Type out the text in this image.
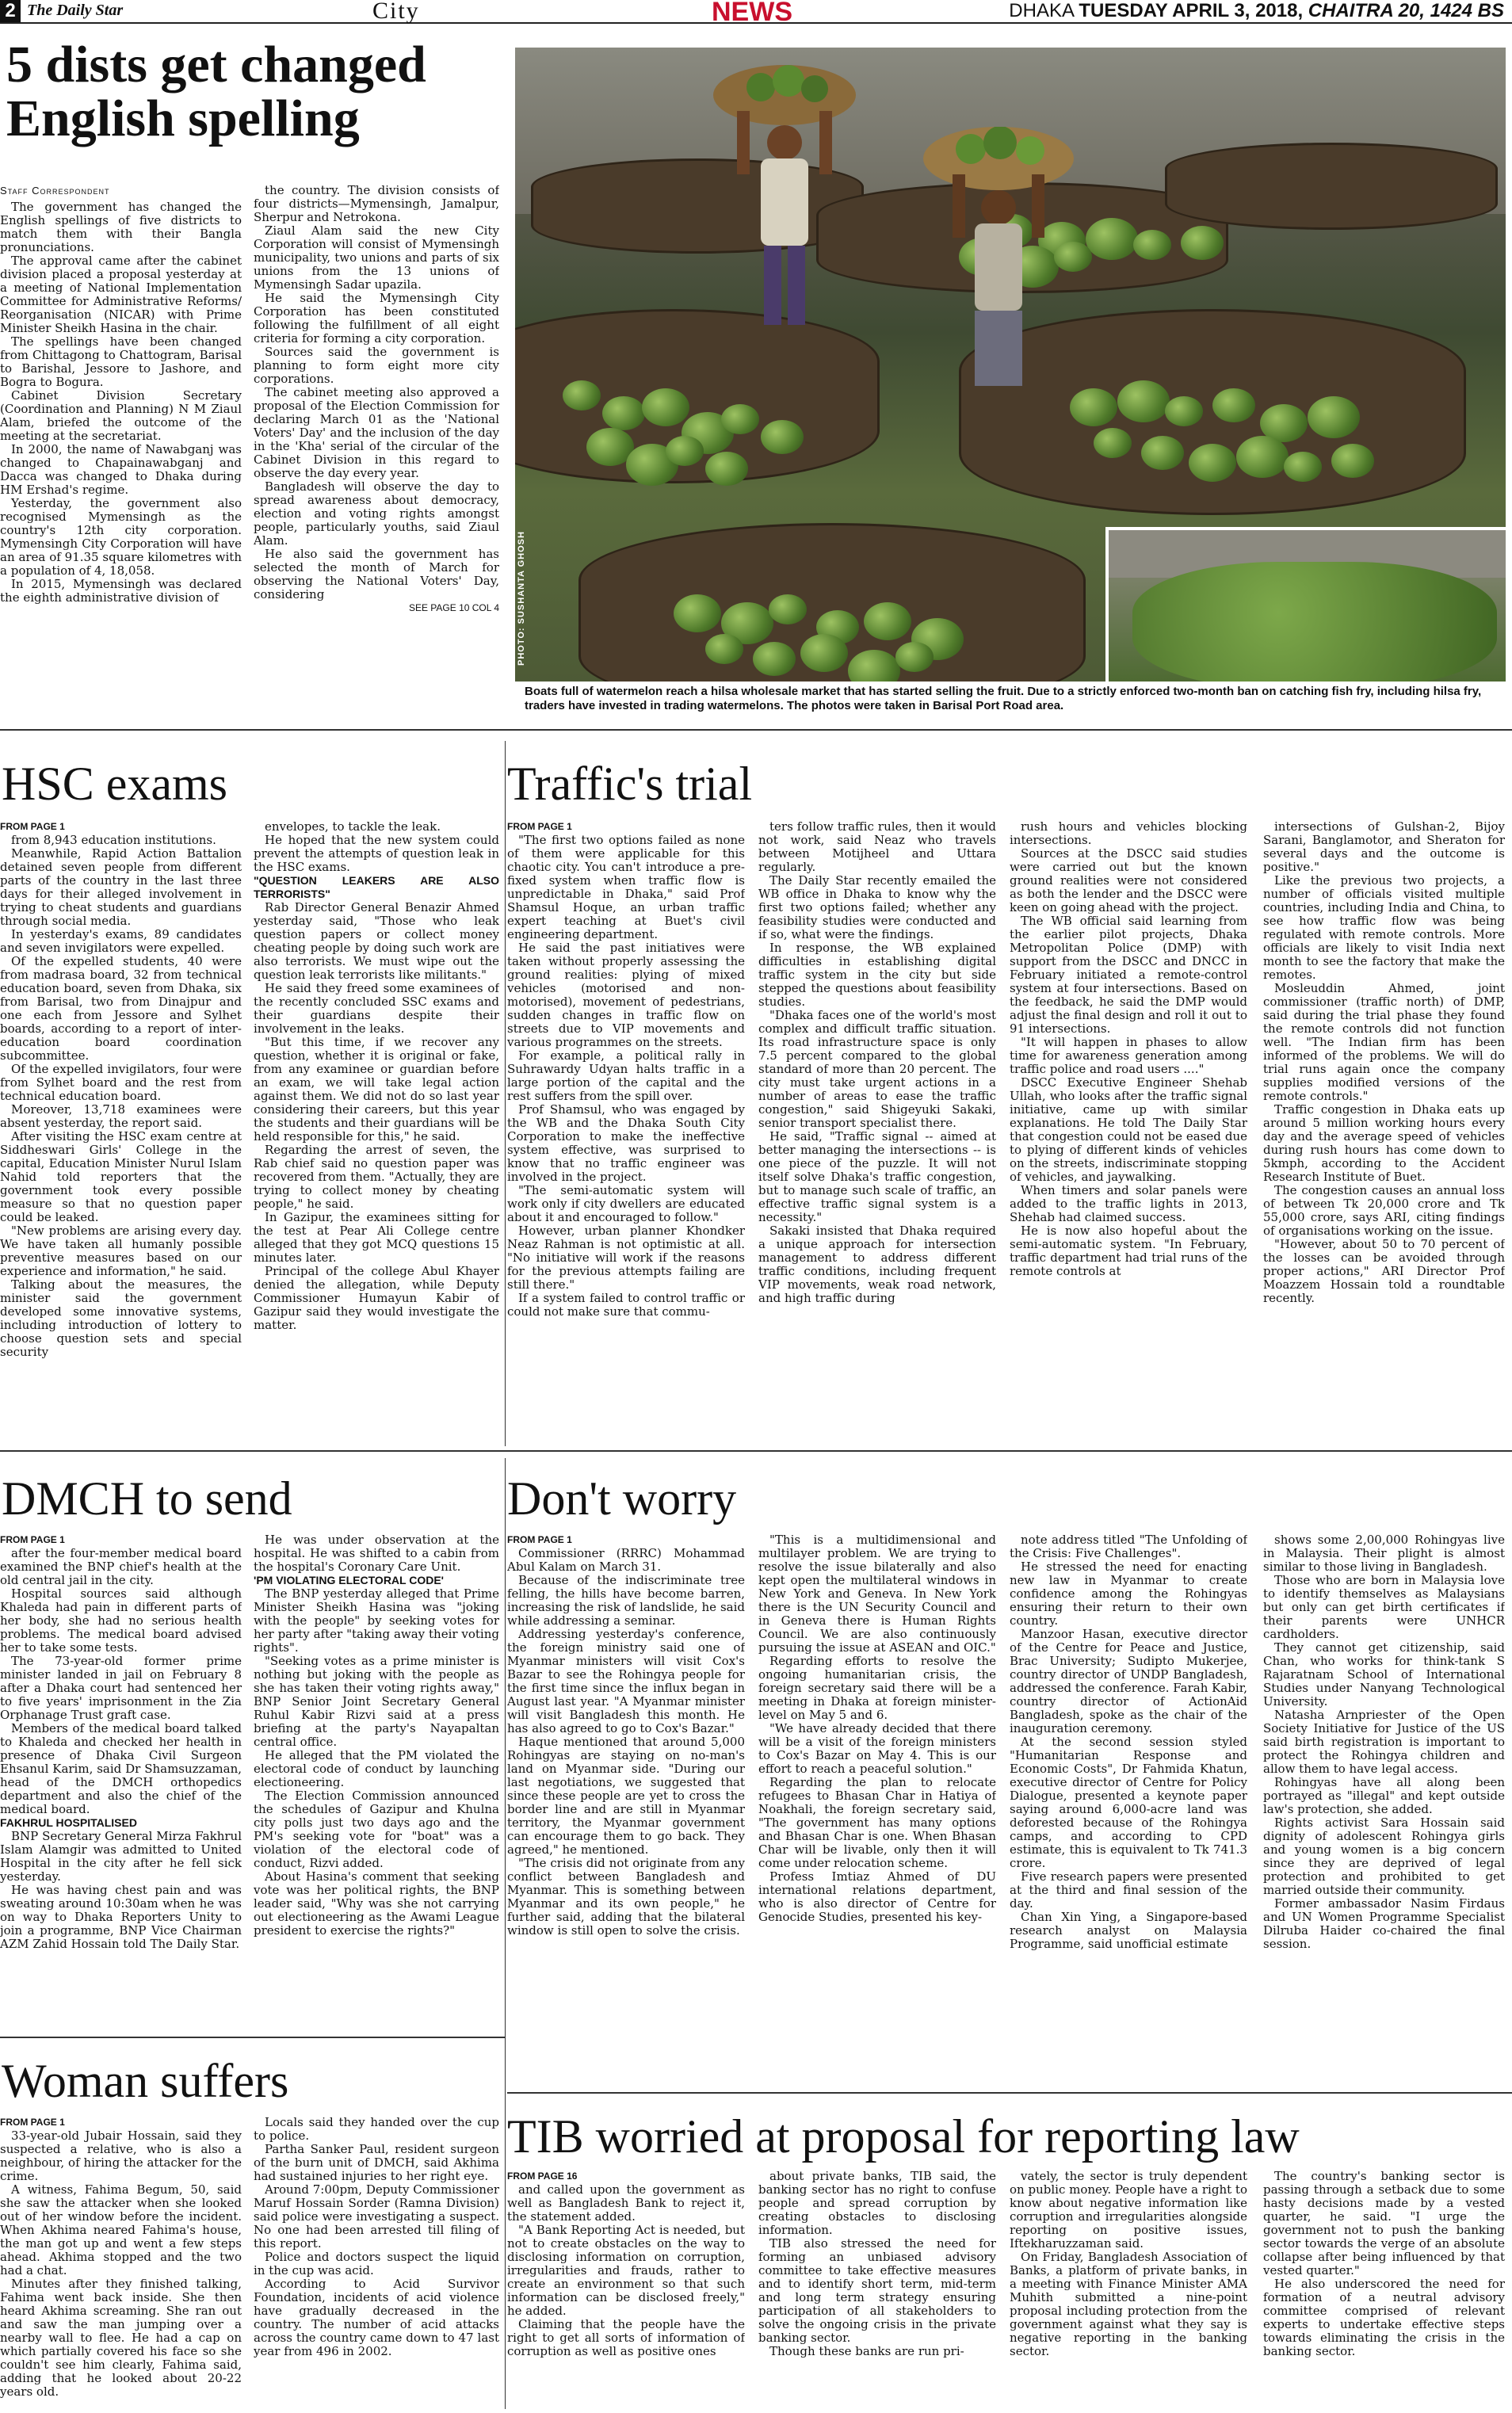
2 The Daily Star	City	NEWS	DHAKA TUESDAY APRIL 3, 2018, CHAITRA 20, 1424 BS
5 dists get changed English spelling

Staff Correspondent

The government has changed the English spellings of five districts to match them with their Bangla pronunciations.

The approval came after the cabinet division placed a proposal yesterday at a meeting of National Implementation Committee for Administrative Reforms/ Reorganisation (NICAR) with Prime Minister Sheikh Hasina in the chair.

The spellings have been changed from Chittagong to Chattogram, Barisal to Barishal, Jessore to Jashore, and Bogra to Bogura.

Cabinet Division Secretary (Coordination and Planning) N M Ziaul Alam, briefed the outcome of the meeting at the secretariat.

In 2000, the name of Nawabganj was changed to Chapainawabganj and Dacca was changed to Dhaka during HM Ershad's regime.

Yesterday, the government also recognised Mymensingh as the country's 12th city corporation. Mymensingh City Corporation will have an area of 91.35 square kilometres with a population of 4, 18,058.

In 2015, Mymensingh was declared the eighth administrative division of

the country. The division consists of four districts—Mymensingh, Jamalpur, Sherpur and Netrokona.

Ziaul Alam said the new City Corporation will consist of Mymensingh municipality, two unions and parts of six unions from the 13 unions of Mymensingh Sadar upazila.

He said the Mymensingh City Corporation has been constituted following the fulfillment of all eight criteria for forming a city corporation.

Sources said the government is planning to form eight more city corporations.

The cabinet meeting also approved a proposal of the Election Commission for declaring March 01 as the 'National Voters' Day' and the inclusion of the day in the 'Kha' serial of the circular of the Cabinet Division in this regard to observe the day every year.

Bangladesh will observe the day to spread awareness about democracy, election and voting rights amongst people, particularly youths, said Ziaul Alam.

He also said the government has selected the month of March for observing the National Voters' Day, considering

SEE PAGE 10 COL 4 PHOTO: SUSHANTA GHOSH
Boats full of watermelon reach a hilsa wholesale market that has started selling the fruit. Due to a strictly enforced two-month ban on catching fish fry, including hilsa fry, traders have invested in trading watermelons. The photos were taken in Barisal Port Road area.
HSC exams

FROM PAGE 1

from 8,943 education institutions.

Meanwhile, Rapid Action Battalion detained seven people from different parts of the country in the last three days for their alleged involvement in trying to cheat students and guardians through social media.

In yesterday's exams, 89 candidates and seven invigilators were expelled.

Of the expelled students, 40 were from madrasa board, 32 from technical education board, seven from Dhaka, six from Barisal, two from Dinajpur and one each from Jessore and Sylhet boards, according to a report of inter-education board coordination subcommittee.

Of the expelled invigilators, four were from Sylhet board and the rest from technical education board.

Moreover, 13,718 examinees were absent yesterday, the report said.

After visiting the HSC exam centre at Siddheswari Girls' College in the capital, Education Minister Nurul Islam Nahid told reporters that the government took every possible measure so that no question paper could be leaked.

"New problems are arising every day. We have taken all humanly possible preventive measures based on our experience and information," he said.

Talking about the measures, the minister said the government developed some innovative systems, including introduction of lottery to choose question sets and special security

envelopes, to tackle the leak.

He hoped that the new system could prevent the attempts of question leak in the HSC exams.

"QUESTION LEAKERS ARE ALSO TERRORISTS"

Rab Director General Benazir Ahmed yesterday said, "Those who leak question papers or collect money cheating people by doing such work are also terrorists. We must wipe out the question leak terrorists like militants."

He said they freed some examinees of the recently concluded SSC exams and their guardians despite their involvement in the leaks.

"But this time, if we recover any question, whether it is original or fake, from any examinee or guardian before an exam, we will take legal action against them. We did not do so last year considering their careers, but this year the students and their guardians will be held responsible for this," he said.

Regarding the arrest of seven, the Rab chief said no question paper was recovered from them. "Actually, they are trying to collect money by cheating people," he said.

In Gazipur, the examinees sitting for the test at Pear Ali College centre alleged that they got MCQ questions 15 minutes later.

Principal of the college Abul Khayer denied the allegation, while Deputy Commissioner Humayun Kabir of Gazipur said they would investigate the matter.

Traffic's trial

FROM PAGE 1

"The first two options failed as none of them were applicable for this chaotic city. You can't introduce a pre-fixed system when traffic flow is unpredictable in Dhaka," said Prof Shamsul Hoque, an urban traffic expert teaching at Buet's civil engineering department.

He said the past initiatives were taken without properly assessing the ground realities: plying of mixed vehicles (motorised and non-motorised), movement of pedestrians, sudden changes in traffic flow on streets due to VIP movements and various programmes on the streets.

For example, a political rally in Suhrawardy Udyan halts traffic in a large portion of the capital and the rest suffers from the spill over.

Prof Shamsul, who was engaged by the WB and the Dhaka South City Corporation to make the ineffective system effective, was surprised to know that no traffic engineer was involved in the project.

"The semi-automatic system will work only if city dwellers are educated about it and encouraged to follow."

However, urban planner Khondker Neaz Rahman is not optimistic at all. "No initiative will work if the reasons for the previous attempts failing are still there."

If a system failed to control traffic or could not make sure that commu-

ters follow traffic rules, then it would not work, said Neaz who travels between Motijheel and Uttara regularly.

The Daily Star recently emailed the WB office in Dhaka to know why the first two options failed; whether any feasibility studies were conducted and if so, what were the findings.

In response, the WB explained difficulties in establishing digital traffic system in the city but side stepped the questions about feasibility studies.

"Dhaka faces one of the world's most complex and difficult traffic situation. Its road infrastructure space is only 7.5 percent compared to the global standard of more than 20 percent. The city must take urgent actions in a number of areas to ease the traffic congestion," said Shigeyuki Sakaki, senior transport specialist there.

He said, "Traffic signal -- aimed at better managing the intersections -- is one piece of the puzzle. It will not itself solve Dhaka's traffic congestion, but to manage such scale of traffic, an effective traffic signal system is a necessity."

Sakaki insisted that Dhaka required a unique approach for intersection management to address different traffic conditions, including frequent VIP movements, weak road network, and high traffic during

rush hours and vehicles blocking intersections.

Sources at the DSCC said studies were carried out but the known ground realities were not considered as both the lender and the DSCC were keen on going ahead with the project.

The WB official said learning from the earlier pilot projects, Dhaka Metropolitan Police (DMP) with support from the DSCC and DNCC in February initiated a remote-control system at four intersections. Based on the feedback, he said the DMP would adjust the final design and roll it out to 91 intersections.

"It will happen in phases to allow time for awareness generation among traffic police and road users ...."

DSCC Executive Engineer Shehab Ullah, who looks after the traffic signal initiative, came up with similar explanations. He told The Daily Star that congestion could not be eased due to plying of different kinds of vehicles on the streets, indiscriminate stopping of vehicles, and jaywalking.

When timers and solar panels were added to the traffic lights in 2013, Shehab had claimed success.

He is now also hopeful about the semi-automatic system. "In February, traffic department had trial runs of the remote controls at

intersections of Gulshan-2, Bijoy Sarani, Banglamotor, and Sheraton for several days and the outcome is positive."

Like the previous two projects, a number of officials visited multiple countries, including India and China, to see how traffic flow was being regulated with remote controls. More officials are likely to visit India next month to see the factory that make the remotes.

Mosleuddin Ahmed, joint commissioner (traffic north) of DMP, said during the trial phase they found the remote controls did not function well. "The Indian firm has been informed of the problems. We will do trial runs again once the company supplies modified versions of the remote controls."

Traffic congestion in Dhaka eats up around 5 million working hours every day and the average speed of vehicles during rush hours has come down to 5kmph, according to the Accident Research Institute of Buet.

The congestion causes an annual loss of between Tk 20,000 crore and Tk 55,000 crore, says ARI, citing findings of organisations working on the issue.

"However, about 50 to 70 percent of the losses can be avoided through proper actions," ARI Director Prof Moazzem Hossain told a roundtable recently.

DMCH to send

FROM PAGE 1

after the four-member medical board examined the BNP chief's health at the old central jail in the city.

Hospital sources said although Khaleda had pain in different parts of her body, she had no serious health problems. The medical board advised her to take some tests.

The 73-year-old former prime minister landed in jail on February 8 after a Dhaka court had sentenced her to five years' imprisonment in the Zia Orphanage Trust graft case.

Members of the medical board talked to Khaleda and checked her health in presence of Dhaka Civil Surgeon Ehsanul Karim, said Dr Shamsuzzaman, head of the DMCH orthopedics department and also the chief of the medical board.

FAKHRUL HOSPITALISED

BNP Secretary General Mirza Fakhrul Islam Alamgir was admitted to United Hospital in the city after he fell sick yesterday.

He was having chest pain and was sweating around 10:30am when he was on way to Dhaka Reporters Unity to join a programme, BNP Vice Chairman AZM Zahid Hossain told The Daily Star.

He was under observation at the hospital. He was shifted to a cabin from the hospital's Coronary Care Unit.

'PM VIOLATING ELECTORAL CODE'

The BNP yesterday alleged that Prime Minister Sheikh Hasina was "joking with the people" by seeking votes for her party after "taking away their voting rights".

"Seeking votes as a prime minister is nothing but joking with the people as she has taken their voting rights away," BNP Senior Joint Secretary General Ruhul Kabir Rizvi said at a press briefing at the party's Nayapaltan central office.

He alleged that the PM violated the electoral code of conduct by launching electioneering.

The Election Commission announced the schedules of Gazipur and Khulna city polls just two days ago and the PM's seeking vote for "boat" was a violation of the electoral code of conduct, Rizvi added.

About Hasina's comment that seeking vote was her political rights, the BNP leader said, "Why was she not carrying out electioneering as the Awami League president to exercise the rights?"

Don't worry

FROM PAGE 1

Commissioner (RRRC) Mohammad Abul Kalam on March 31.

Because of the indiscriminate tree felling, the hills have become barren, increasing the risk of landslide, he said while addressing a seminar.

Addressing yesterday's conference, the foreign ministry said one of Myanmar ministers will visit Cox's Bazar to see the Rohingya people for the first time since the influx began in August last year. "A Myanmar minister will visit Bangladesh this month. He has also agreed to go to Cox's Bazar."

Haque mentioned that around 5,000 Rohingyas are staying on no-man's land on Myanmar side. "During our last negotiations, we suggested that since these people are yet to cross the border line and are still in Myanmar territory, the Myanmar government can encourage them to go back. They agreed," he mentioned.

"The crisis did not originate from any conflict between Bangladesh and Myanmar. This is something between Myanmar and its own people," he further said, adding that the bilateral window is still open to solve the crisis.

"This is a multidimensional and multilayer problem. We are trying to resolve the issue bilaterally and also kept open the multilateral windows in New York and Geneva. In New York there is the UN Security Council and in Geneva there is Human Rights Council. We are also continuously pursuing the issue at ASEAN and OIC."

Regarding efforts to resolve the ongoing humanitarian crisis, the foreign secretary said there will be a meeting in Dhaka at foreign minister-level on May 5 and 6.

"We have already decided that there will be a visit of the foreign ministers to Cox's Bazar on May 4. This is our effort to reach a peaceful solution."

Regarding the plan to relocate refugees to Bhasan Char in Hatiya of Noakhali, the foreign secretary said, "The government has many options and Bhasan Char is one. When Bhasan Char will be livable, only then it will come under relocation scheme.

Profess Imtiaz Ahmed of DU international relations department, who is also director of Centre for Genocide Studies, presented his key-

note address titled "The Unfolding of the Crisis: Five Challenges".

He stressed the need for enacting new law in Myanmar to create confidence among the Rohingyas ensuring their return to their own country.

Manzoor Hasan, executive director of the Centre for Peace and Justice, Brac University; Sudipto Mukerjee, country director of UNDP Bangladesh, addressed the conference. Farah Kabir, country director of ActionAid Bangladesh, spoke as the chair of the inauguration ceremony.

At the second session styled "Humanitarian Response and Economic Costs", Dr Fahmida Khatun, executive director of Centre for Policy Dialogue, presented a keynote paper saying around 6,000-acre land was deforested because of the Rohingya camps, and according to CPD estimate, this is equivalent to Tk 741.3 crore.

Five research papers were presented at the third and final session of the day.

Chan Xin Ying, a Singapore-based research analyst on Malaysia Programme, said unofficial estimate

shows some 2,00,000 Rohingyas live in Malaysia. Their plight is almost similar to those living in Bangladesh.

Those who are born in Malaysia love to identify themselves as Malaysians but only can get birth certificates if their parents were UNHCR cardholders.

They cannot get citizenship, said Chan, who works for think-tank S Rajaratnam School of International Studies under Nanyang Technological University.

Natasha Arnpriester of the Open Society Initiative for Justice of the US said birth registration is important to protect the Rohingya children and allow them to have legal access.

Rohingyas have all along been portrayed as "illegal" and kept outside law's protection, she added.

Rights activist Sara Hossain said dignity of adolescent Rohingya girls and young women is a big concern since they are deprived of legal protection and prohibited to get married outside their community.

Former ambassador Nasim Firdaus and UN Women Programme Specialist Dilruba Haider co-chaired the final session.

Woman suffers

FROM PAGE 1

33-year-old Jubair Hossain, said they suspected a relative, who is also a neighbour, of hiring the attacker for the crime.

A witness, Fahima Begum, 50, said she saw the attacker when she looked out of her window before the incident. When Akhima neared Fahima's house, the man got up and went a few steps ahead. Akhima stopped and the two had a chat.

Minutes after they finished talking, Fahima went back inside. She then heard Akhima screaming. She ran out and saw the man jumping over a nearby wall to flee. He had a cap on which partially covered his face so she couldn't see him clearly, Fahima said, adding that he looked about 20-22 years old.

Locals said they handed over the cup to police.

Partha Sanker Paul, resident surgeon of the burn unit of DMCH, said Akhima had sustained injuries to her right eye.

Around 7:00pm, Deputy Commissioner Maruf Hossain Sorder (Ramna Division) said police were investigating a suspect. No one had been arrested till filing of this report.

Police and doctors suspect the liquid in the cup was acid.

According to Acid Survivor Foundation, incidents of acid violence have gradually decreased in the country. The number of acid attacks across the country came down to 47 last year from 496 in 2002.

TIB worried at proposal for reporting law

FROM PAGE 16

and called upon the government as well as Bangladesh Bank to reject it, the statement added.

"A Bank Reporting Act is needed, but not to create obstacles on the way to disclosing information on corruption, irregularities and frauds, rather to create an environment so that such information can be disclosed freely," he added.

Claiming that the people have the right to get all sorts of information of corruption as well as positive ones

about private banks, TIB said, the banking sector has no right to confuse people and spread corruption by creating obstacles to disclosing information.

TIB also stressed the need for forming an unbiased advisory committee to take effective measures and to identify short term, mid-term and long term strategy ensuring participation of all stakeholders to solve the ongoing crisis in the private banking sector.

Though these banks are run pri-

vately, the sector is truly dependent on public money. People have a right to know about negative information like corruption and irregularities alongside reporting on positive issues, Iftekharuzzaman said.

On Friday, Bangladesh Association of Banks, a platform of private banks, in a meeting with Finance Minister AMA Muhith submitted a nine-point proposal including protection from the government against what they say is negative reporting in the banking sector.

The country's banking sector is passing through a setback due to some hasty decisions made by a vested quarter, he said. "I urge the government not to push the banking sector towards the verge of an absolute collapse after being influenced by that vested quarter."

He also underscored the need for formation of a neutral advisory committee comprised of relevant experts to undertake effective steps towards eliminating the crisis in the banking sector.
